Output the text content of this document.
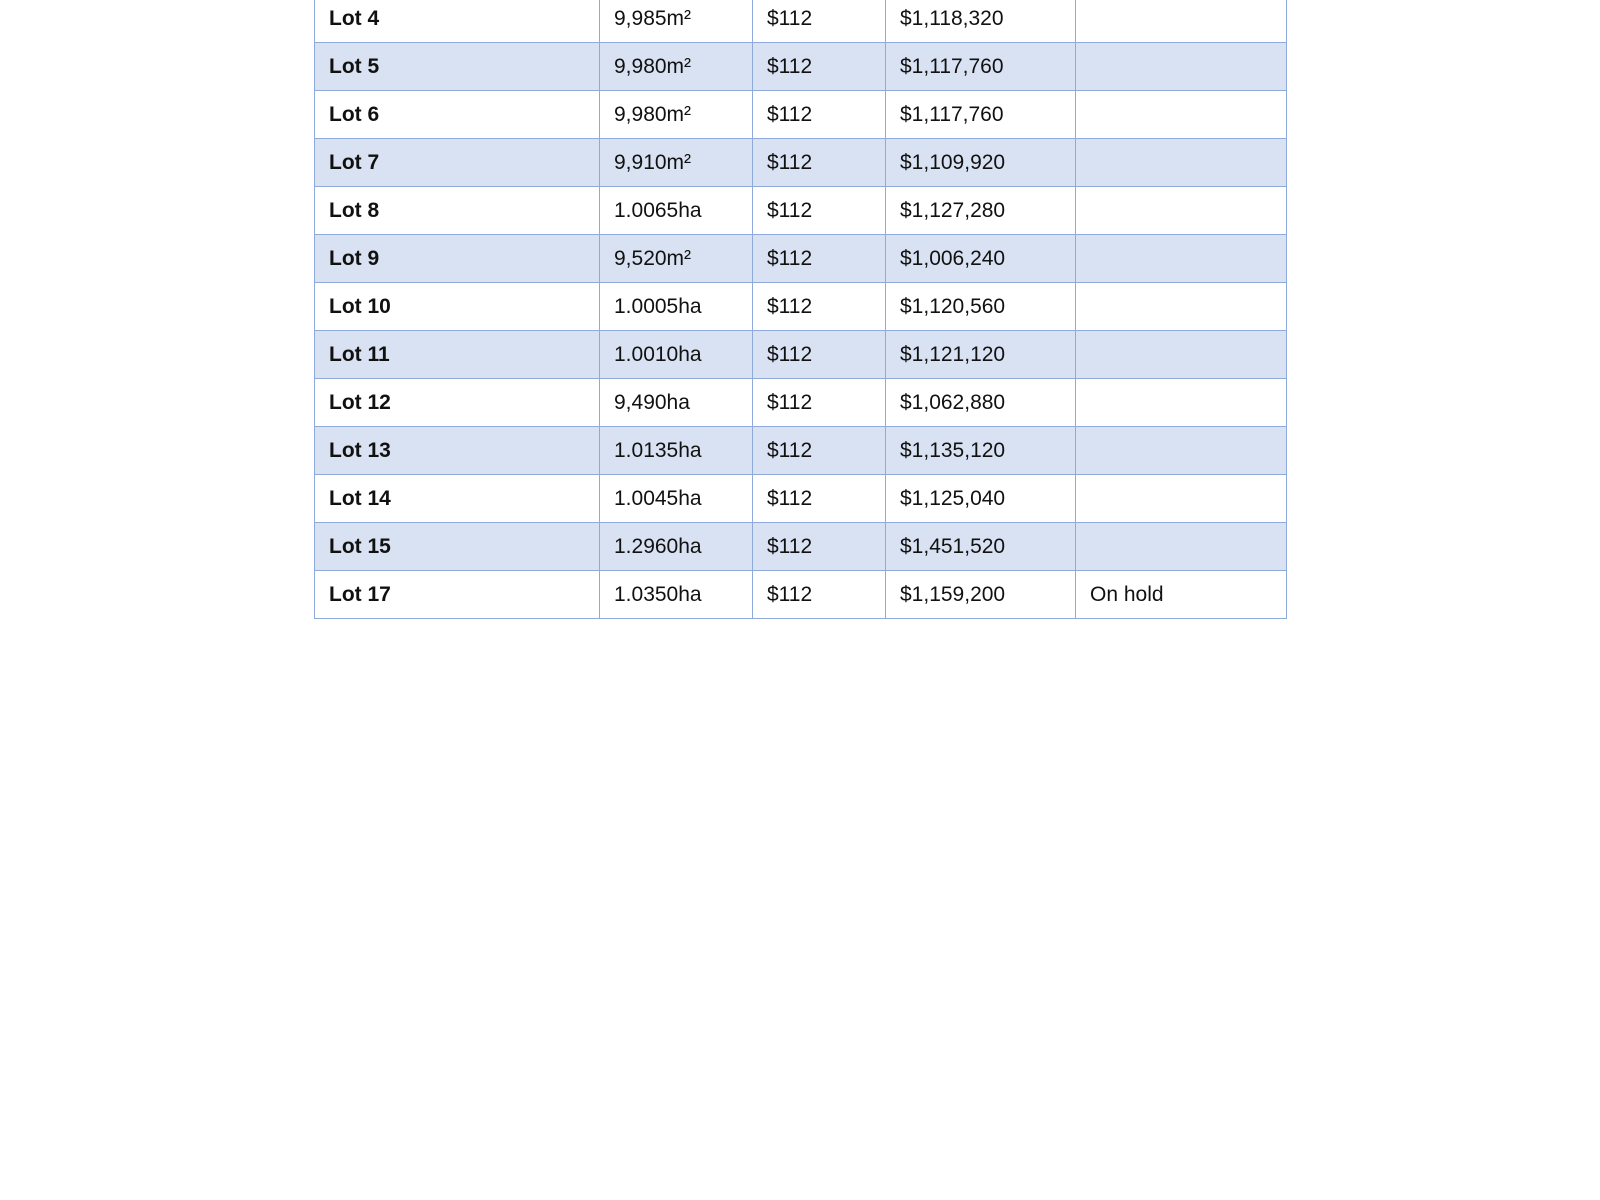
Lot 4	9,985m²	$112	$1,118,320	
Lot 5	9,980m²	$112	$1,117,760	
Lot 6	9,980m²	$112	$1,117,760	
Lot 7	9,910m²	$112	$1,109,920	
Lot 8	1.0065ha	$112	$1,127,280	
Lot 9	9,520m²	$112	$1,006,240	
Lot 10	1.0005ha	$112	$1,120,560	
Lot 11	1.0010ha	$112	$1,121,120	
Lot 12	9,490ha	$112	$1,062,880	
Lot 13	1.0135ha	$112	$1,135,120	
Lot 14	1.0045ha	$112	$1,125,040	
Lot 15	1.2960ha	$112	$1,451,520	
Lot 17	1.0350ha	$112	$1,159,200	On hold
